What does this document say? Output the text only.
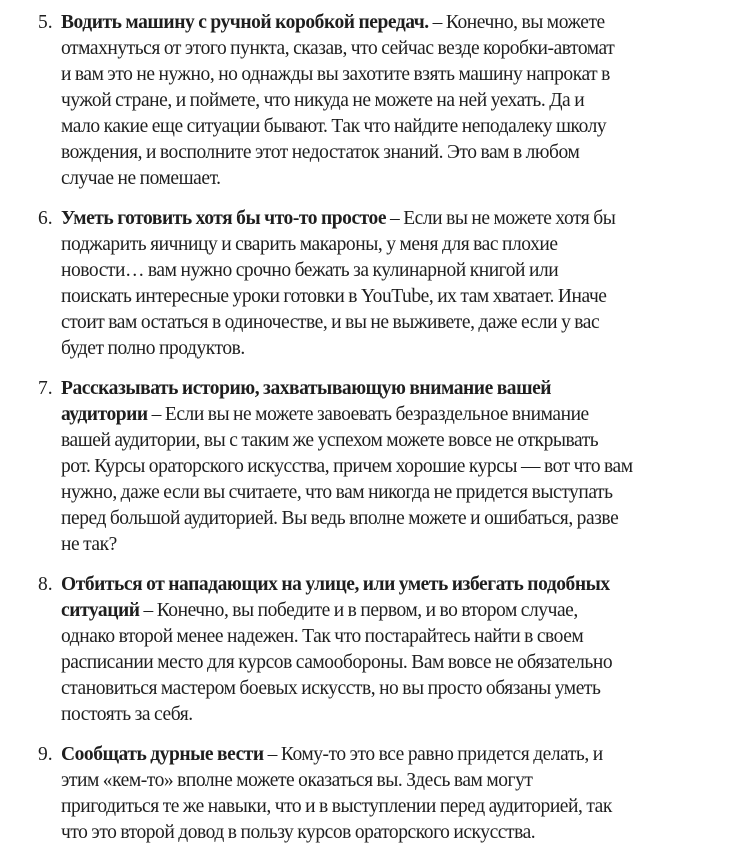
5. Водить машину с ручной коробкой передач. – Конечно, вы можете
отмахнуться от этого пункта, сказав, что сейчас везде коробки-автомат
и вам это не нужно, но однажды вы захотите взять машину напрокат в
чужой стране, и поймете, что никуда не можете на ней уехать. Да и
мало какие еще ситуации бывают. Так что найдите неподалеку школу
вождения, и восполните этот недостаток знаний. Это вам в любом
случае не помешает.
6. Уметь готовить хотя бы что-то простое – Если вы не можете хотя бы
поджарить яичницу и сварить макароны, у меня для вас плохие
новости… вам нужно срочно бежать за кулинарной книгой или
поискать интересные уроки готовки в YouTube, их там хватает. Иначе
стоит вам остаться в одиночестве, и вы не выживете, даже если у вас
будет полно продуктов.
7. Рассказывать историю, захватывающую внимание вашей
аудитории – Если вы не можете завоевать безраздельное внимание
вашей аудитории, вы с таким же успехом можете вовсе не открывать
рот. Курсы ораторского искусства, причем хорошие курсы — вот что вам
нужно, даже если вы считаете, что вам никогда не придется выступать
перед большой аудиторией. Вы ведь вполне можете и ошибаться, разве
не так?
8. Отбиться от нападающих на улице, или уметь избегать подобных
ситуаций – Конечно, вы победите и в первом, и во втором случае,
однако второй менее надежен. Так что постарайтесь найти в своем
расписании место для курсов самообороны. Вам вовсе не обязательно
становиться мастером боевых искусств, но вы просто обязаны уметь
постоять за себя.
9. Сообщать дурные вести – Кому-то это все равно придется делать, и
этим «кем-то» вполне можете оказаться вы. Здесь вам могут
пригодиться те же навыки, что и в выступлении перед аудиторией, так
что это второй довод в пользу курсов ораторского искусства.
